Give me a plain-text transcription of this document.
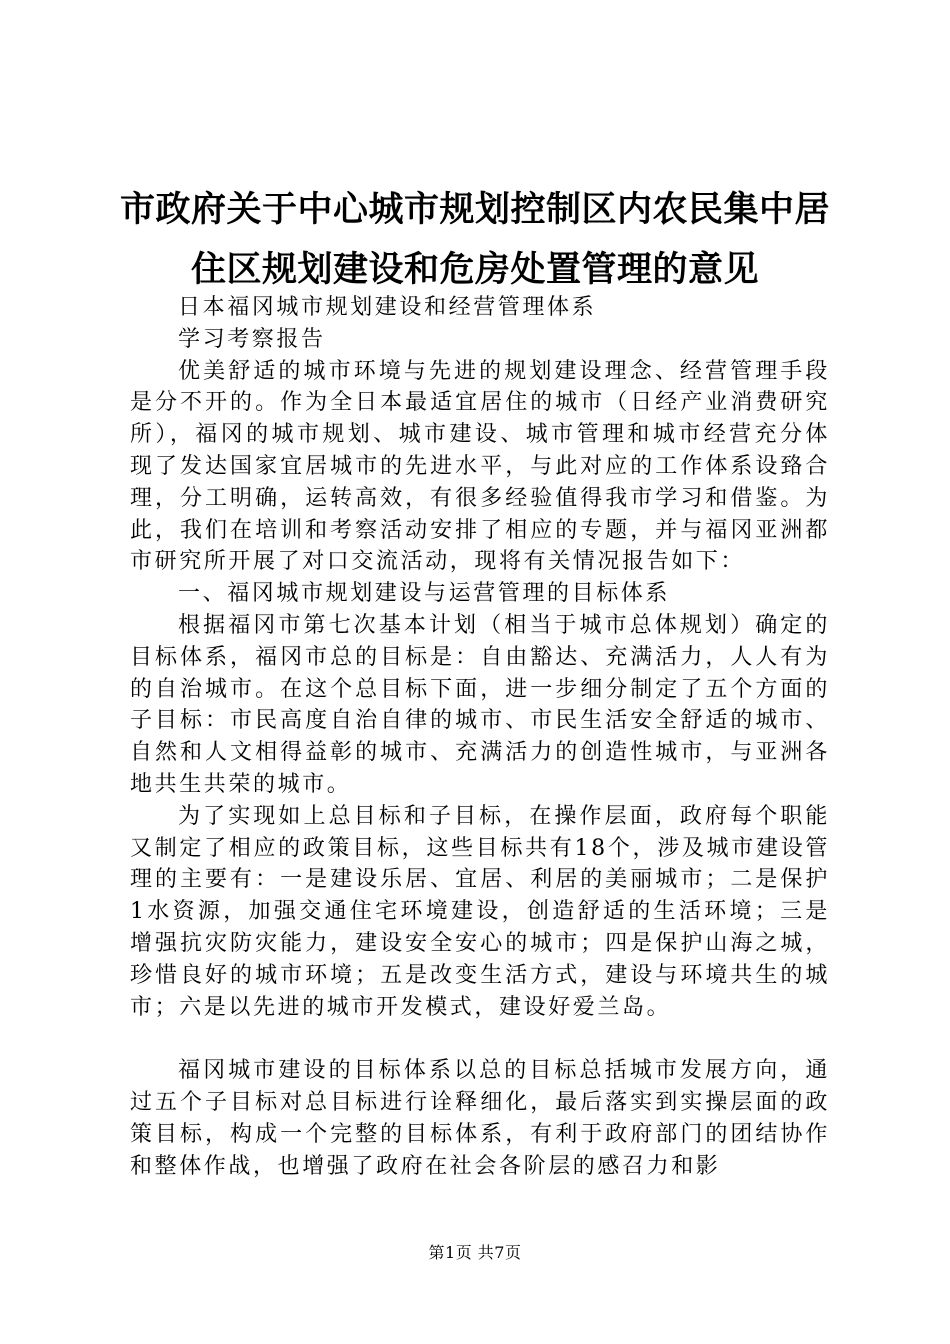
市政府关于中心城市规划控制区内农民集中居
住区规划建设和危房处置管理的意见

日本福冈城市规划建设和经营管理体系

学习考察报告

优美舒适的城市环境与先进的规划建设理念、经营管理手段是分不开的。作为全日本最适宜居住的城市（日经产业消费研究所），福冈的城市规划、城市建设、城市管理和城市经营充分体现了发达国家宜居城市的先进水平，与此对应的工作体系设臵合理，分工明确，运转高效，有很多经验值得我市学习和借鉴。为此，我们在培训和考察活动安排了相应的专题，并与福冈亚洲都市研究所开展了对口交流活动，现将有关情况报告如下：

一、福冈城市规划建设与运营管理的目标体系

根据福冈市第七次基本计划（相当于城市总体规划）确定的目标体系，福冈市总的目标是：自由豁达、充满活力，人人有为的自治城市。在这个总目标下面，进一步细分制定了五个方面的子目标：市民高度自治自律的城市、市民生活安全舒适的城市、自然和人文相得益彰的城市、充满活力的创造性城市，与亚洲各地共生共荣的城市。

为了实现如上总目标和子目标，在操作层面，政府每个职能又制定了相应的政策目标，这些目标共有18个，涉及城市建设管理的主要有：一是建设乐居、宜居、利居的美丽城市；二是保护1水资源，加强交通住宅环境建设，创造舒适的生活环境；三是增强抗灾防灾能力，建设安全安心的城市；四是保护山海之城，珍惜良好的城市环境；五是改变生活方式，建设与环境共生的城市；六是以先进的城市开发模式，建设好爱兰岛。

福冈城市建设的目标体系以总的目标总括城市发展方向，通过五个子目标对总目标进行诠释细化，最后落实到实操层面的政策目标，构成一个完整的目标体系，有利于政府部门的团结协作和整体作战，也增强了政府在社会各阶层的感召力和影

第1页 共7页
